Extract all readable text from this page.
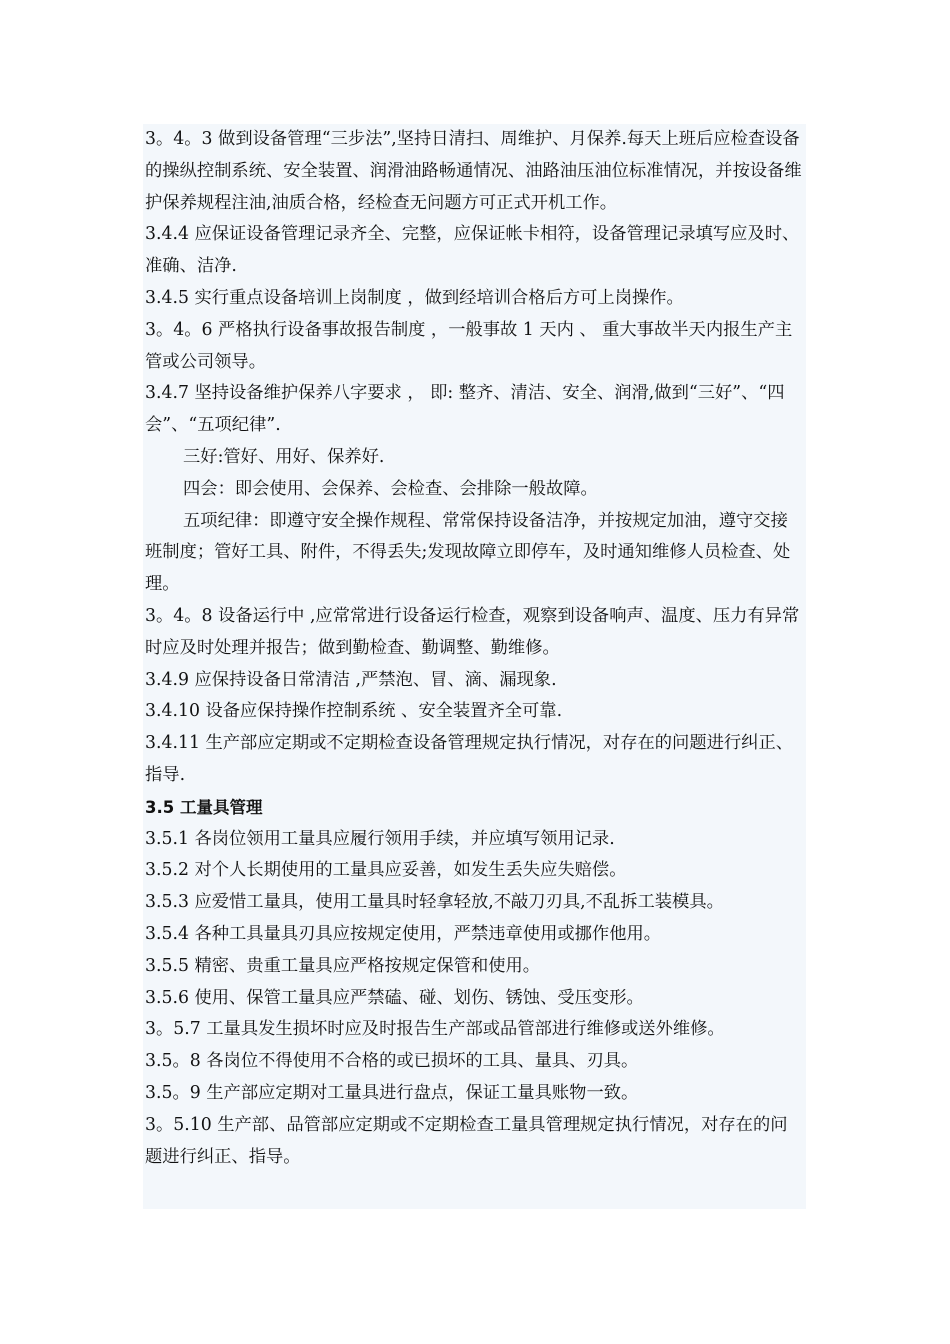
3。4。3 做到设备管理“三步法”,坚持日清扫、周维护、月保养.每天上班后应检查设备的操纵控制系统、安全装置、润滑油路畅通情况、油路油压油位标准情况，并按设备维护保养规程注油,油质合格，经检查无问题方可正式开机工作。

3.4.4 应保证设备管理记录齐全、完整，应保证帐卡相符，设备管理记录填写应及时、准确、洁净.

3.4.5 实行重点设备培训上岗制度 ，做到经培训合格后方可上岗操作。

3。4。6 严格执行设备事故报告制度 ，一般事故 1 天内 、 重大事故半天内报生产主管或公司领导。

3.4.7 坚持设备维护保养八字要求 ， 即: 整齐、清洁、安全、润滑,做到“三好”、“四会”、“五项纪律”.

三好:管好、用好、保养好.

四会：即会使用、会保养、会检查、会排除一般故障。

五项纪律：即遵守安全操作规程、常常保持设备洁净，并按规定加油，遵守交接班制度；管好工具、附件，不得丢失;发现故障立即停车，及时通知维修人员检查、处理。

3。4。8 设备运行中 ,应常常进行设备运行检查，观察到设备响声、温度、压力有异常时应及时处理并报告；做到勤检查、勤调整、勤维修。

3.4.9 应保持设备日常清洁 ,严禁泡、冒、滴、漏现象.

3.4.10 设备应保持操作控制系统 、安全装置齐全可靠.

3.4.11 生产部应定期或不定期检查设备管理规定执行情况，对存在的问题进行纠正、指导.

3.5 工量具管理

3.5.1 各岗位领用工量具应履行领用手续，并应填写领用记录.

3.5.2 对个人长期使用的工量具应妥善，如发生丢失应失赔偿。

3.5.3 应爱惜工量具，使用工量具时轻拿轻放,不敲刀刃具,不乱拆工装模具。

3.5.4 各种工具量具刃具应按规定使用，严禁违章使用或挪作他用。

3.5.5 精密、贵重工量具应严格按规定保管和使用。

3.5.6 使用、保管工量具应严禁磕、碰、划伤、锈蚀、受压变形。

3。5.7 工量具发生损坏时应及时报告生产部或品管部进行维修或送外维修。

3.5。8 各岗位不得使用不合格的或已损坏的工具、量具、刃具。

3.5。9 生产部应定期对工量具进行盘点，保证工量具账物一致。

3。5.10 生产部、品管部应定期或不定期检查工量具管理规定执行情况，对存在的问题进行纠正、指导。
